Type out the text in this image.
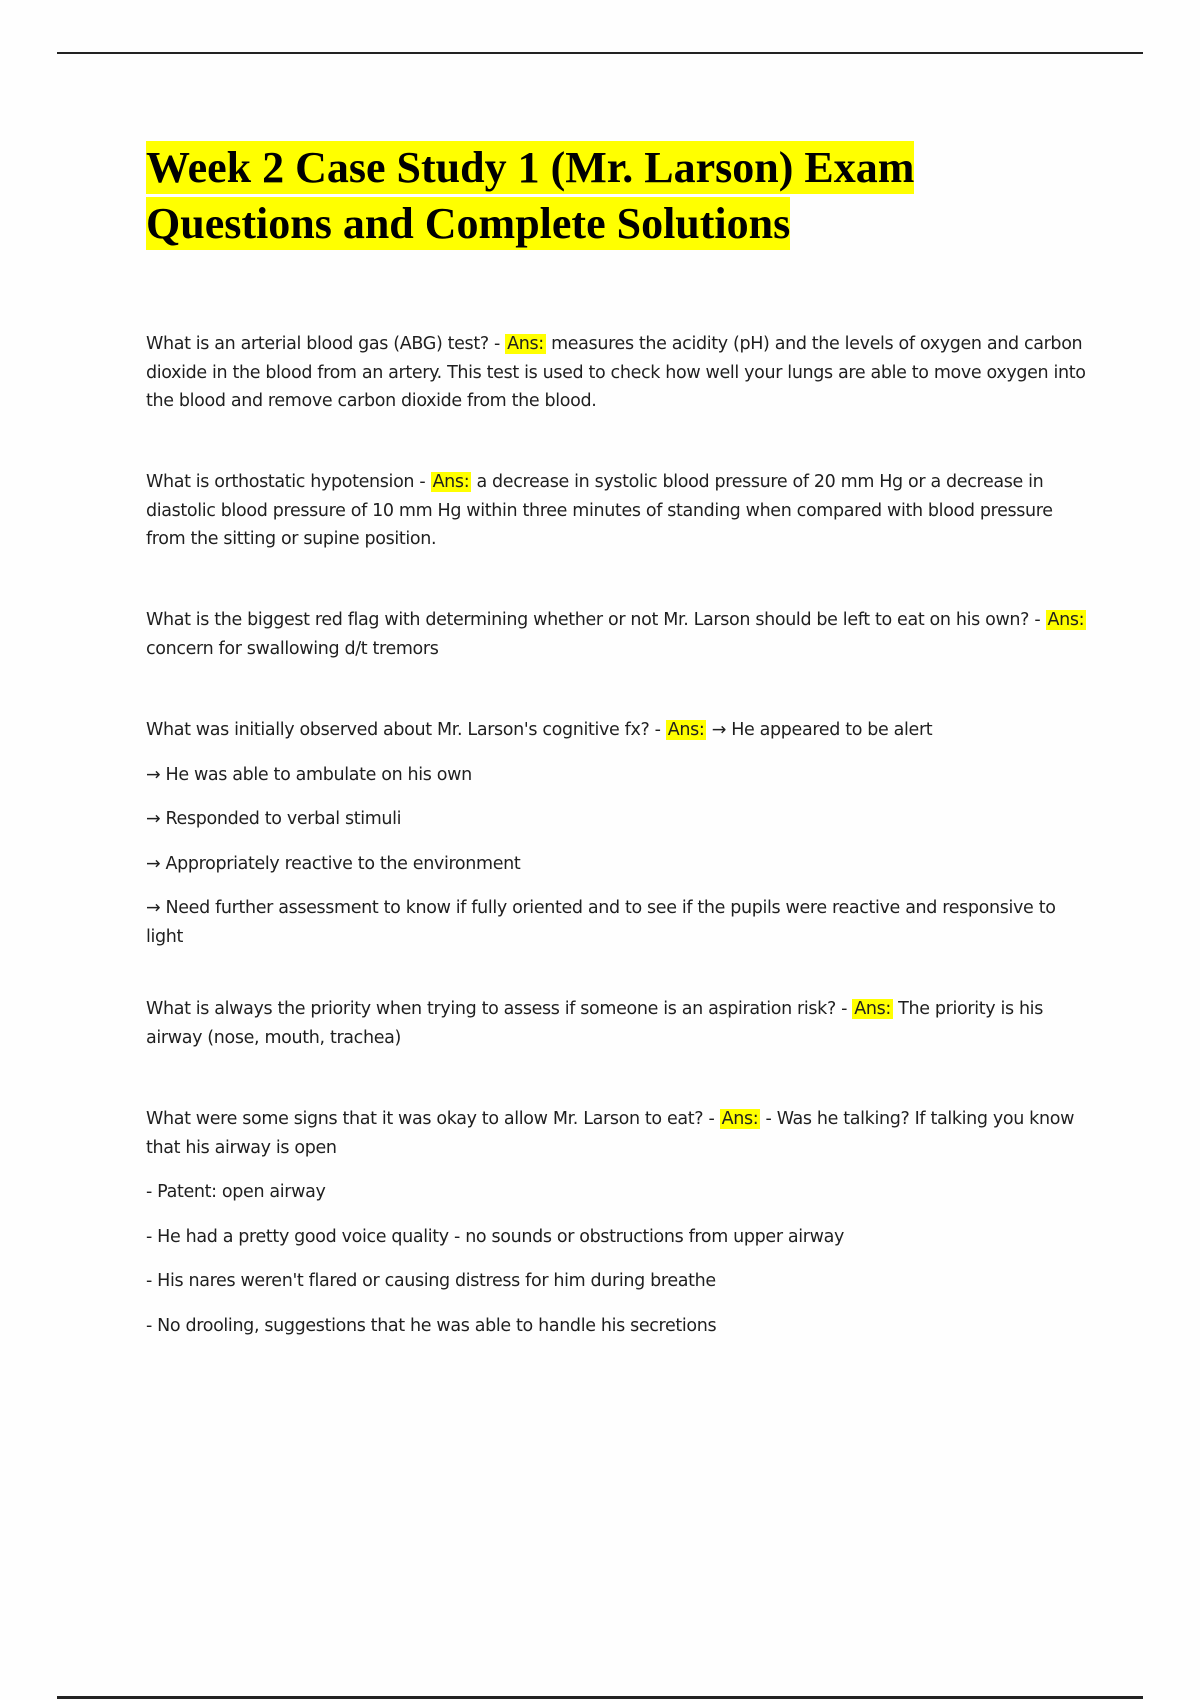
Week 2 Case Study 1 (Mr. Larson) Exam
Questions and Complete Solutions

What is an arterial blood gas (ABG) test? - Ans: measures the acidity (pH) and the levels of oxygen and carbon dioxide in the blood from an artery. This test is used to check how well your lungs are able to move oxygen into the blood and remove carbon dioxide from the blood.

What is orthostatic hypotension - Ans: a decrease in systolic blood pressure of 20 mm Hg or a decrease in diastolic blood pressure of 10 mm Hg within three minutes of standing when compared with blood pressure from the sitting or supine position.

What is the biggest red flag with determining whether or not Mr. Larson should be left to eat on his own? - Ans: concern for swallowing d/t tremors

What was initially observed about Mr. Larson's cognitive fx? - Ans: → He appeared to be alert

→ He was able to ambulate on his own

→ Responded to verbal stimuli

→ Appropriately reactive to the environment

→ Need further assessment to know if fully oriented and to see if the pupils were reactive and responsive to light

What is always the priority when trying to assess if someone is an aspiration risk? - Ans: The priority is his airway (nose, mouth, trachea)

What were some signs that it was okay to allow Mr. Larson to eat? - Ans: - Was he talking? If talking you know that his airway is open

- Patent: open airway

- He had a pretty good voice quality - no sounds or obstructions from upper airway

- His nares weren't flared or causing distress for him during breathe

- No drooling, suggestions that he was able to handle his secretions
